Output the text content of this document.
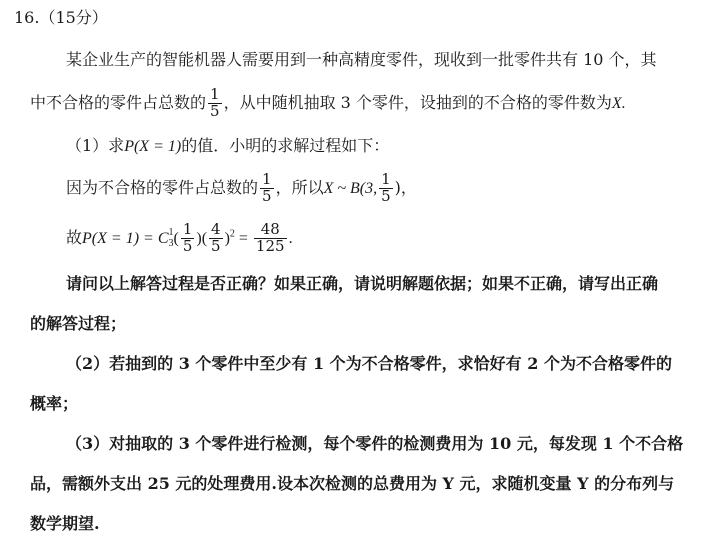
16.（15分）
某企业生产的智能机器人需要用到一种高精度零件，现收到一批零件共有 10 个，其
中不合格的零件占总数的 $\frac{1}{5}$ ，从中随机抽取 3 个零件，设抽到的不合格的零件数为X.
（1）求P(X = 1)的值．小明的求解过程如下：
因为不合格的零件占总数的 $\frac{1}{5}$ ，所以X ~ B(3, $\frac{1}{5}$ )，
故P(X = 1) = C 1
3 ( $\frac{1}{5}$ )( $\frac{4}{5} )^2 = \frac{48}{125}$ .
请问以上解答过程是否正确？如果正确，请说明解题依据；如果不正确，请写出正确
的解答过程；
（2）若抽到的 3 个零件中至少有 1 个为不合格零件，求恰好有 2 个为不合格零件的
概率；
（3）对抽取的 3 个零件进行检测，每个零件的检测费用为 10 元，每发现 1 个不合格
品，需额外支出 25 元的处理费用.设本次检测的总费用为 Y 元，求随机变量 Y 的分布列与
数学期望.
